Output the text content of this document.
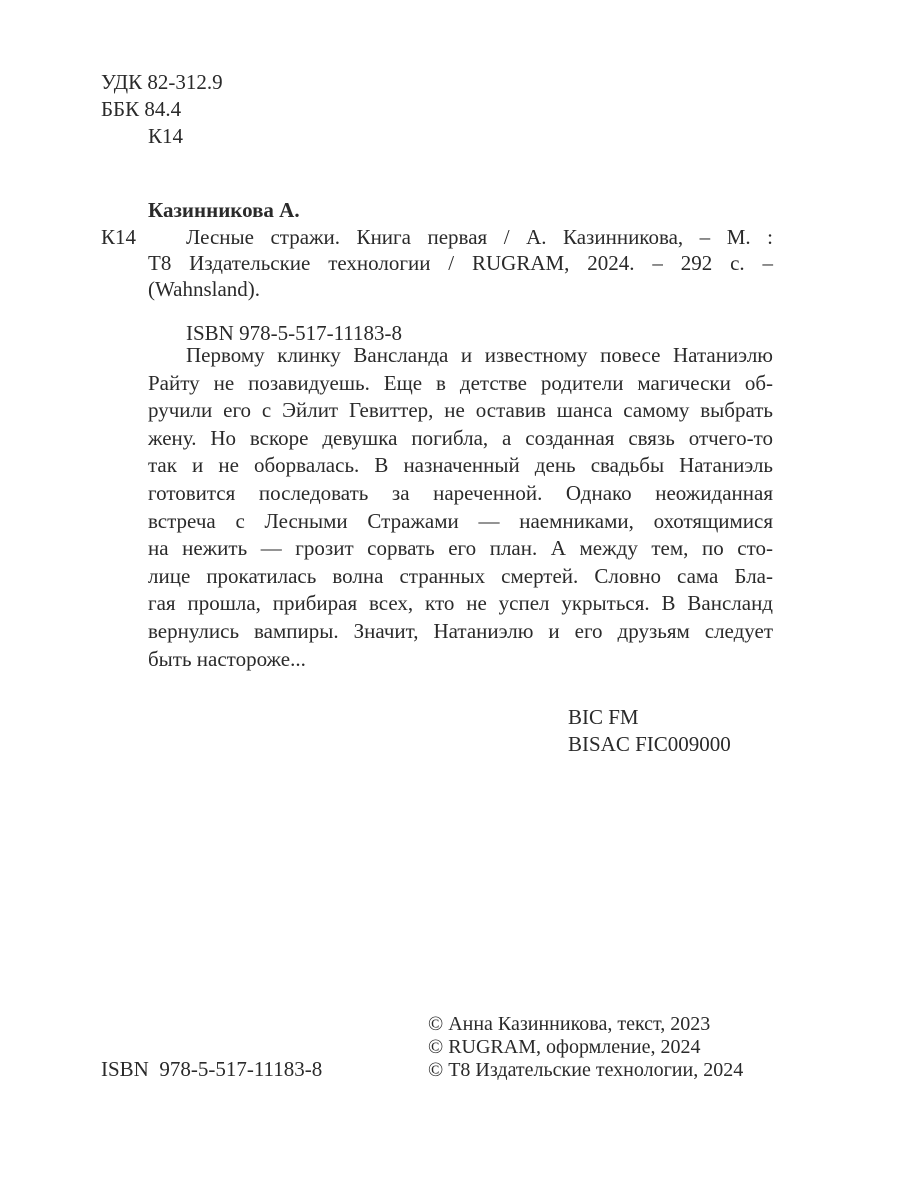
УДК 82-312.9
ББК 84.4
К14
Казинникова А.
К14 Лесные стражи. Книга первая / А. Казинникова, – М. :
Т8 Издательские технологии / RUGRAM, 2024. – 292 с. –
(Wahnsland).
ISBN 978-5-517-11183-8
Первому клинку Вансланда и известному повесе Натаниэлю
Райту не позавидуешь. Еще в детстве родители магически об-
ручили его с Эйлит Гевиттер, не оставив шанса самому выбрать
жену. Но вскоре девушка погибла, а созданная связь отчего-то
так и не оборвалась. В назначенный день свадьбы Натаниэль
готовится последовать за нареченной. Однако неожиданная
встреча с Лесными Стражами — наемниками, охотящимися
на нежить — грозит сорвать его план. А между тем, по сто-
лице прокатилась волна странных смертей. Словно сама Бла-
гая прошла, прибирая всех, кто не успел укрыться. В Вансланд
вернулись вампиры. Значит, Натаниэлю и его друзьям следует
быть настороже...
BIC FM
BISAC FIC009000
ISBN  978-5-517-11183-8
© Анна Казинникова, текст, 2023
© RUGRAM, оформление, 2024
© Т8 Издательские технологии, 2024
